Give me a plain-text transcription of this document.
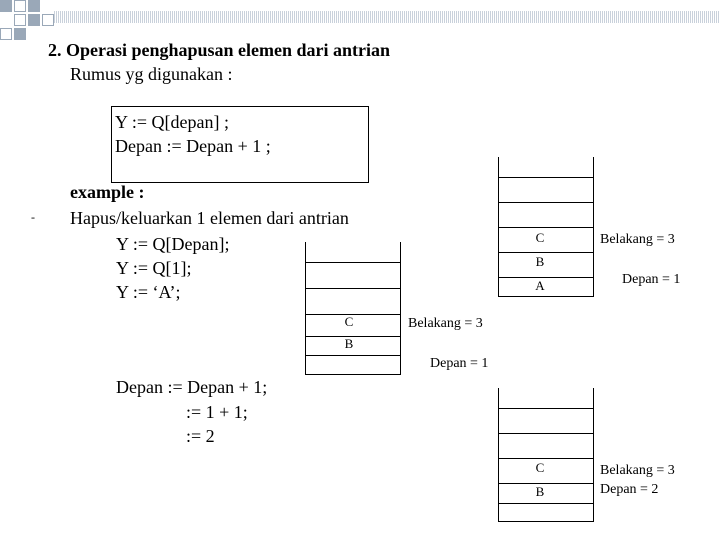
2. Operasi penghapusan elemen dari antrian
Rumus yg digunakan :
Y := Q[depan] ;
Depan := Depan + 1 ;
example :
- Hapus/keluarkan 1 elemen dari antrian
Y := Q[Depan];
Y := Q[1];
Y := ‘A’;
C
B
A
Belakang = 3
Depan = 1
C
B
Belakang = 3
Depan = 1
Depan := Depan + 1;
:= 1 + 1;
:= 2
C
B
Belakang = 3
Depan = 2
